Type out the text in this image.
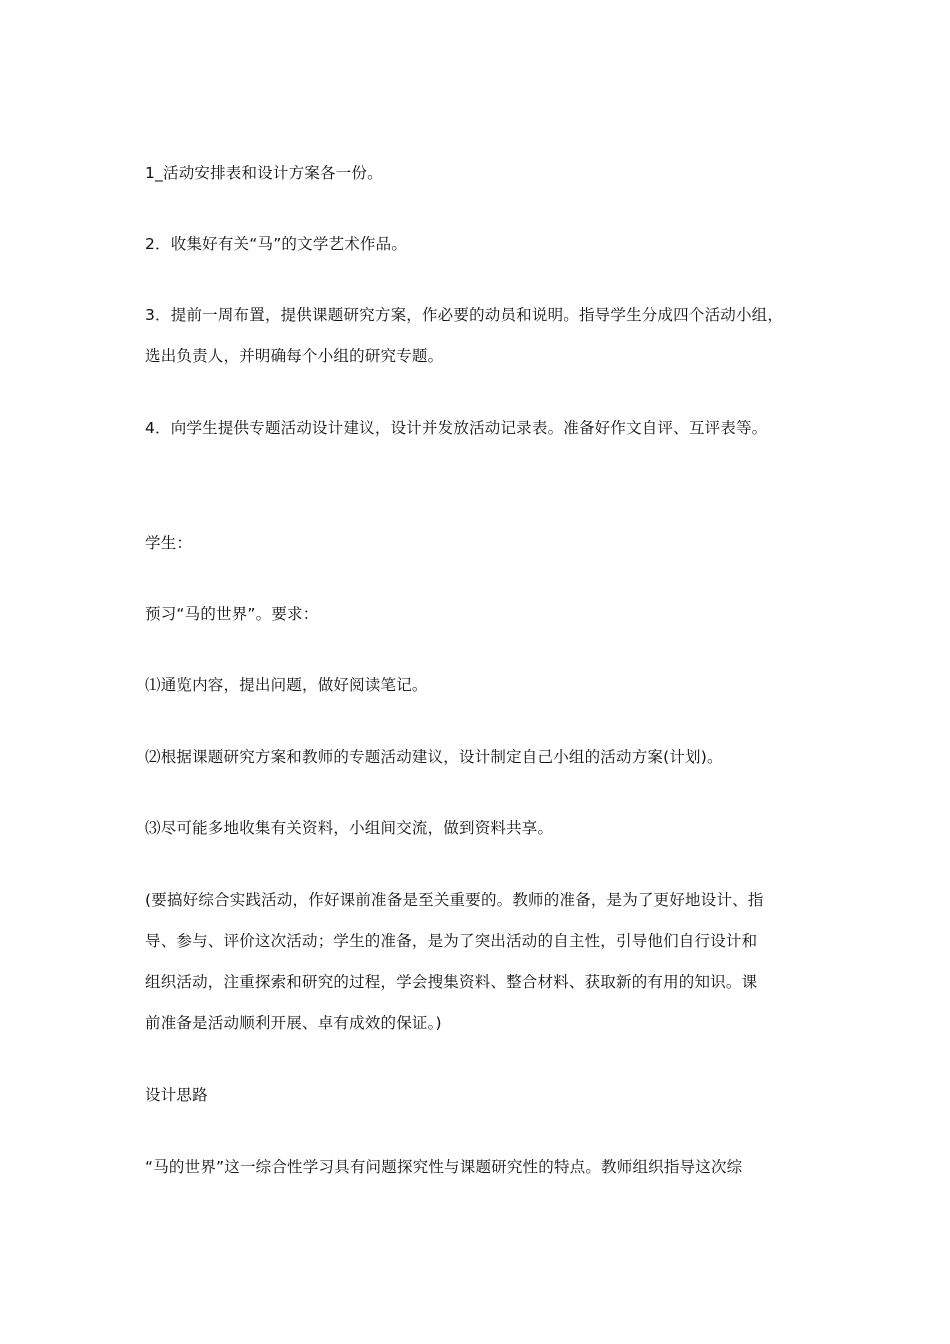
1_活动安排表和设计方案各一份。
2．收集好有关“马”的文学艺术作品。
3．提前一周布置，提供课题研究方案，作必要的动员和说明。指导学生分成四个活动小组，
选出负责人，并明确每个小组的研究专题。
4．向学生提供专题活动设计建议，设计并发放活动记录表。准备好作文自评、互评表等。
学生：
预习“马的世界”。要求：
⑴通览内容，提出问题，做好阅读笔记。
⑵根据课题研究方案和教师的专题活动建议，设计制定自己小组的活动方案(计划)。
⑶尽可能多地收集有关资料，小组间交流，做到资料共享。
(要搞好综合实践活动，作好课前准备是至关重要的。教师的准备，是为了更好地设计、指
导、参与、评价这次活动；学生的准备，是为了突出活动的自主性，引导他们自行设计和
组织活动，注重探索和研究的过程，学会搜集资料、整合材料、获取新的有用的知识。课
前准备是活动顺利开展、卓有成效的保证。)
设计思路
“马的世界”这一综合性学习具有问题探究性与课题研究性的特点。教师组织指导这次综
